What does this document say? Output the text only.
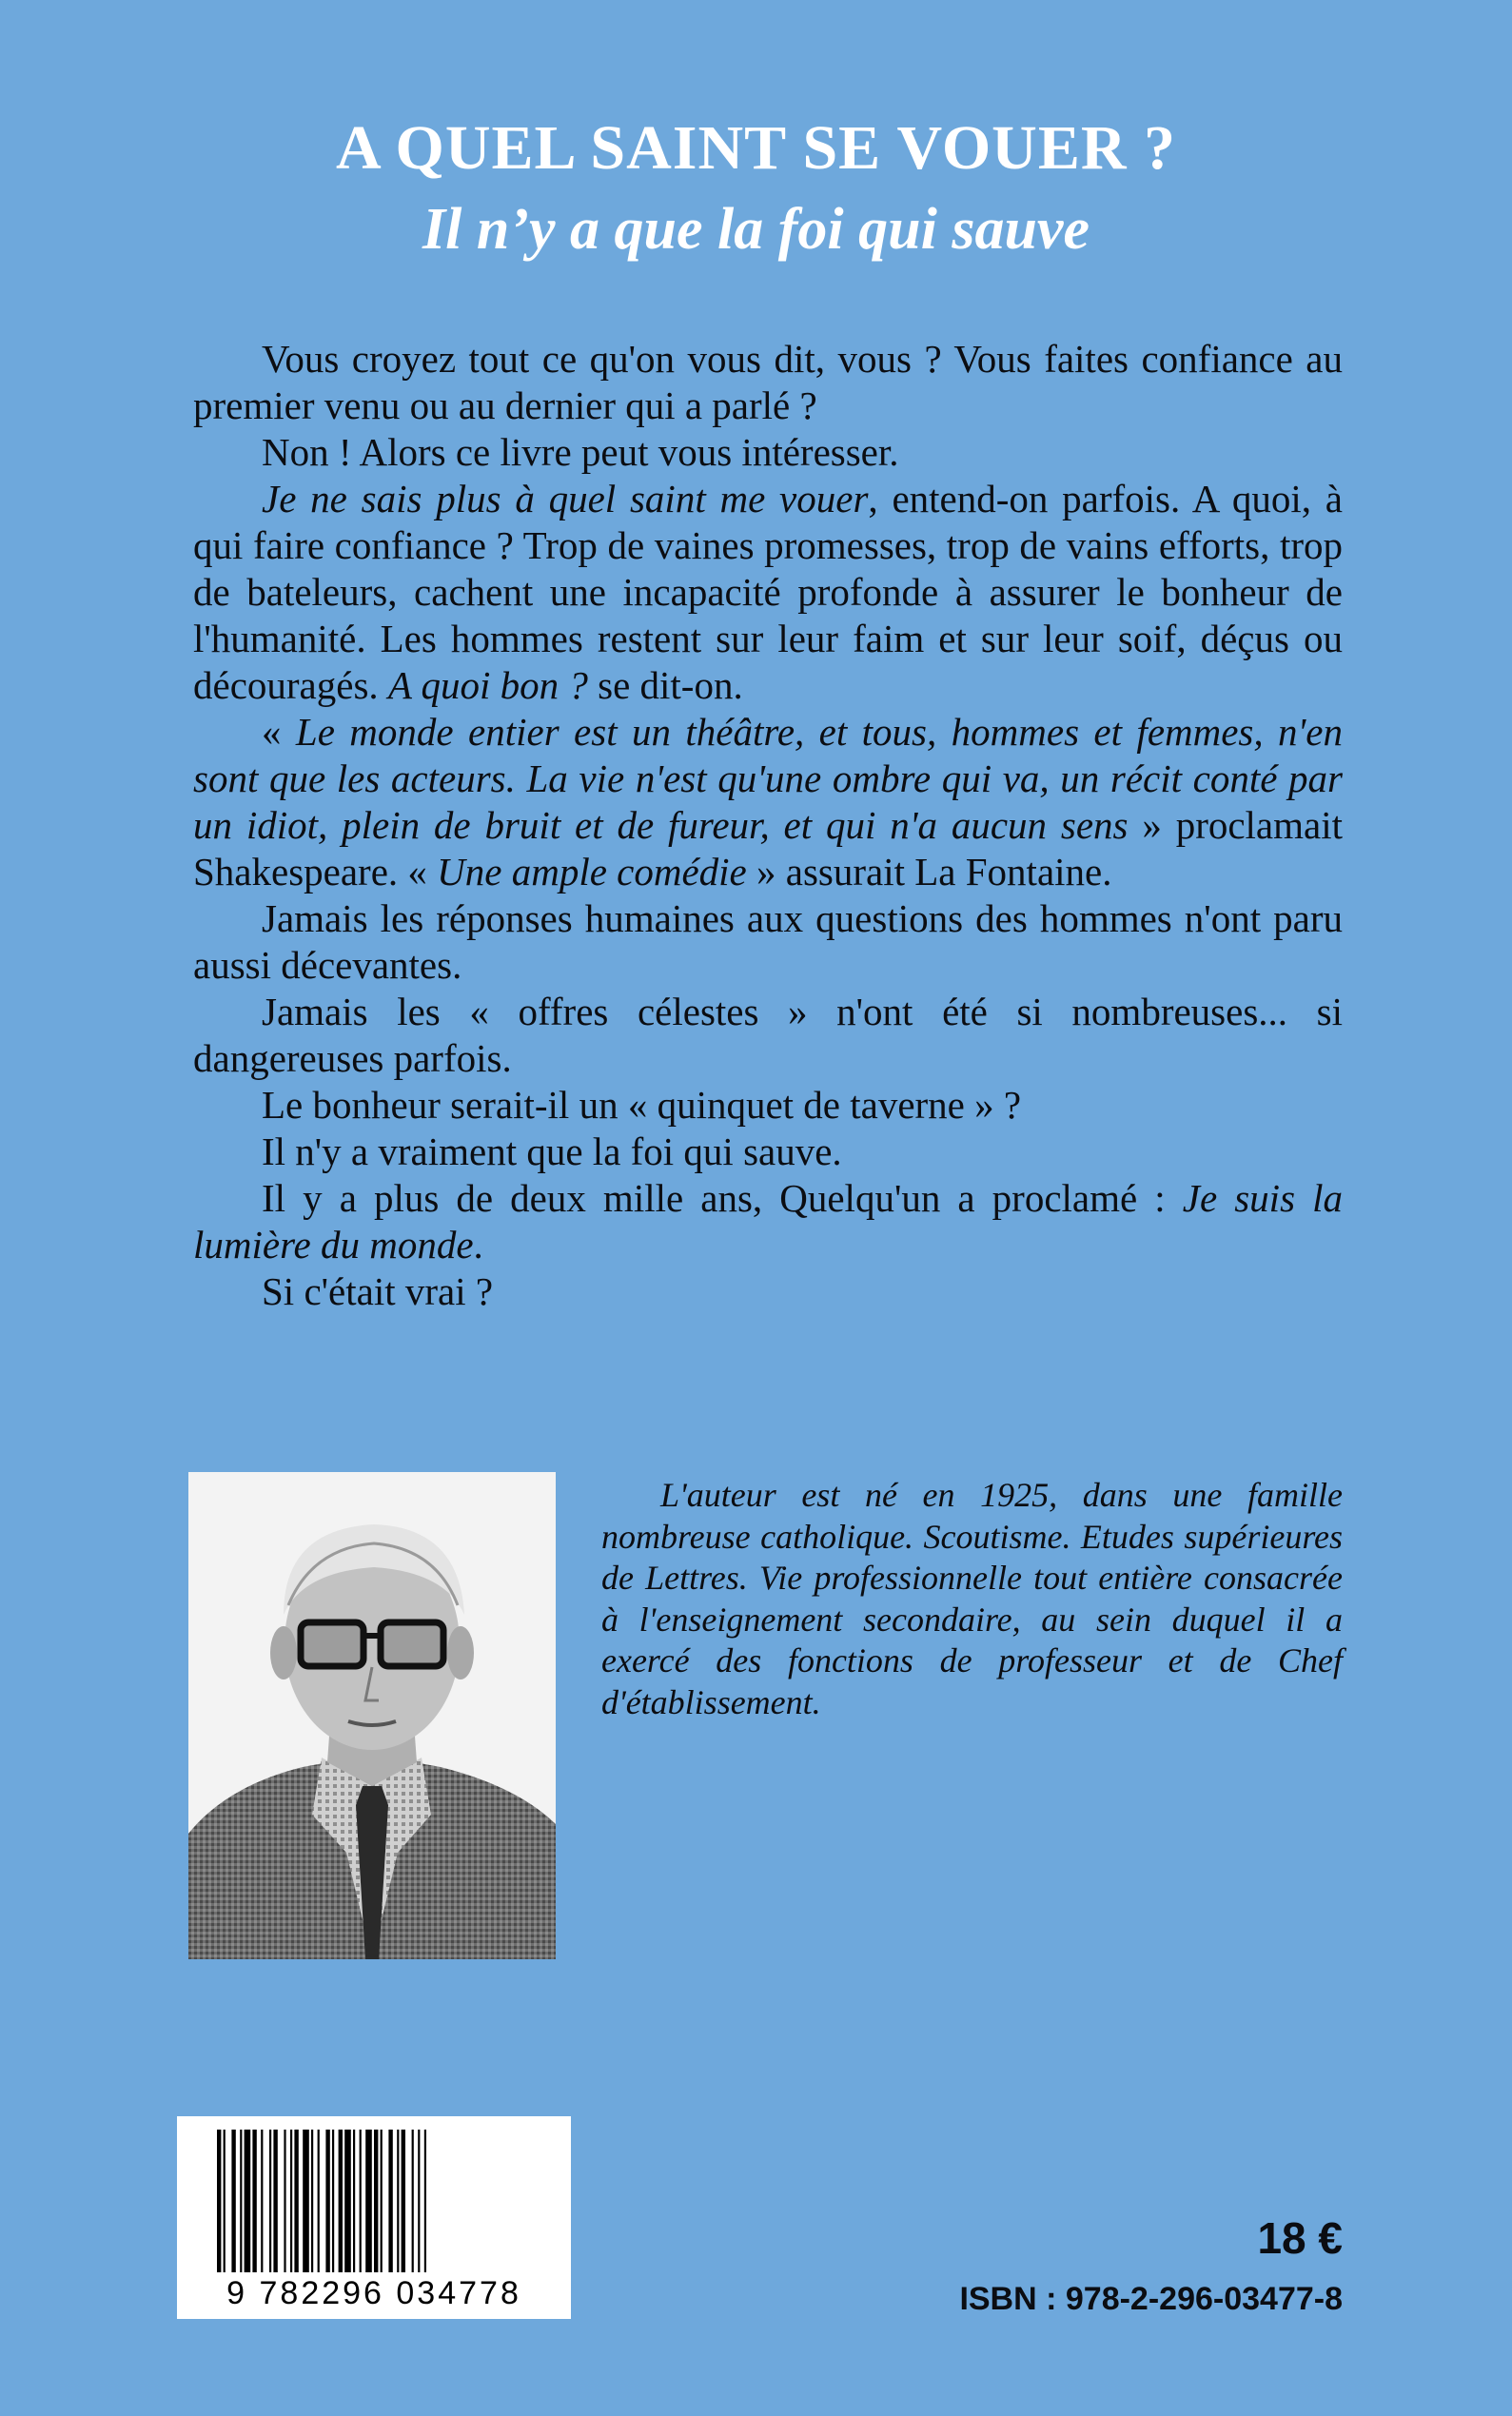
A QUEL SAINT SE VOUER ?
Il n’y a que la foi qui sauve

Vous croyez tout ce qu'on vous dit, vous ? Vous faites confiance au premier venu ou au dernier qui a parlé ?

Non ! Alors ce livre peut vous intéresser.

Je ne sais plus à quel saint me vouer, entend-on parfois. A quoi, à qui faire confiance ? Trop de vaines promesses, trop de vains efforts, trop de bateleurs, cachent une incapacité profonde à assurer le bonheur de l'humanité. Les hommes restent sur leur faim et sur leur soif, déçus ou découragés. A quoi bon ? se dit-on.

« Le monde entier est un théâtre, et tous, hommes et femmes, n'en sont que les acteurs. La vie n'est qu'une ombre qui va, un récit conté par un idiot, plein de bruit et de fureur, et qui n'a aucun sens » proclamait Shakespeare. « Une ample comédie » assurait La Fontaine.

Jamais les réponses humaines aux questions des hommes n'ont paru aussi décevantes.

Jamais les « offres célestes » n'ont été si nombreuses... si dangereuses parfois.

Le bonheur serait-il un « quinquet de taverne » ?

Il n'y a vraiment que la foi qui sauve.

Il y a plus de deux mille ans, Quelqu'un a proclamé : Je suis la lumière du monde.

Si c'était vrai ?

L'auteur est né en 1925, dans une famille nombreuse catholique. Scoutisme. Etudes supérieures de Lettres. Vie professionnelle tout entière consacrée à l'enseignement secondaire, au sein duquel il a exercé des fonctions de professeur et de Chef d'établissement.

9 782296 034778
18 €
ISBN : 978-2-296-03477-8
